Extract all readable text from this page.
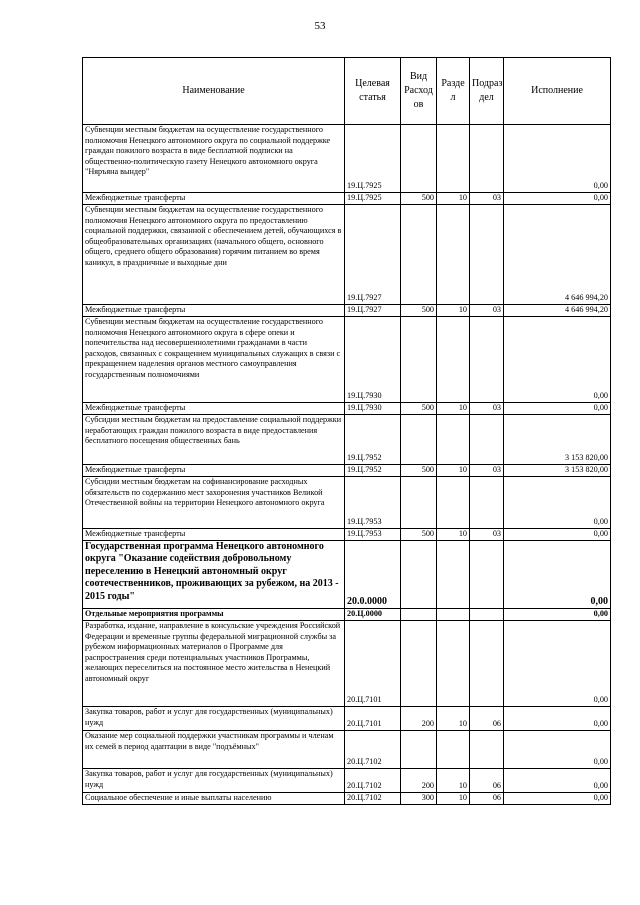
53
Наименование	Целевая статья	Вид Расход ов	Разде л	Подраз дел	Исполнение
Субвенции местным бюджетам на осуществление государственного полномочия Ненецкого автономного округа по социальной поддержке граждан пожилого возраста в виде бесплатной подписки на общественно-политическую газету Ненецкого автономного округа "Няръяна вындер"	19.Ц.7925				0,00
Межбюджетные трансферты	19.Ц.7925	500	10	03	0,00
Субвенции местным бюджетам на осуществление государственного полномочия Ненецкого автономного округа по предоставлению социальной поддержки, связанной с обеспечением детей, обучающихся в общеобразовательных организациях (начального общего, основного общего, среднего общего образования) горячим питанием во время каникул, в праздничные и выходные дни	19.Ц.7927				4 646 994,20
Межбюджетные трансферты	19.Ц.7927	500	10	03	4 646 994,20
Субвенции местным бюджетам на осуществление государственного полномочия Ненецкого автономного округа в сфере опеки и попечительства над несовершеннолетними гражданами в части расходов, связанных с сокращением муниципальных служащих в связи с прекращением наделения органов местного самоуправления государственным полномочиями	19.Ц.7930				0,00
Межбюджетные трансферты	19.Ц.7930	500	10	03	0,00
Субсидии местным бюджетам на предоставление социальной поддержки неработающих граждан пожилого возраста в виде предоставления бесплатного посещения общественных бань	19.Ц.7952				3 153 820,00
Межбюджетные трансферты	19.Ц.7952	500	10	03	3 153 820,00
Субсидии местным бюджетам на софинансирование расходных обязательств по содержанию мест захоронения участников Великой Отечественной войны на территории Ненецкого автономного округа	19.Ц.7953				0,00
Межбюджетные трансферты	19.Ц.7953	500	10	03	0,00
Государственная программа Ненецкого автономного округа "Оказание содействия добровольному переселению в Ненецкий автономный округ соотечественников, проживающих за рубежом, на 2013 - 2015 годы"	20.0.0000				0,00
Отдельные мероприятия программы	20.Ц.0000				0,00
Разработка, издание, направление в консульские учреждения Российской Федерации и временные группы федеральной миграционной службы за рубежом информационных материалов о Программе для распространения среди потенциальных участников Программы, желающих переселиться на постоянное место жительства в Ненецкий автономный округ	20.Ц.7101				0,00
Закупка товаров, работ и услуг для государственных (муниципальных) нужд	20.Ц.7101	200	10	06	0,00
Оказание мер социальной поддержки участникам программы и членам их семей в период адаптации в виде "подъёмных"	20.Ц.7102				0,00
Закупка товаров, работ и услуг для государственных (муниципальных) нужд	20.Ц.7102	200	10	06	0,00
Социальное обеспечение и иные выплаты населению	20.Ц.7102	300	10	06	0,00
